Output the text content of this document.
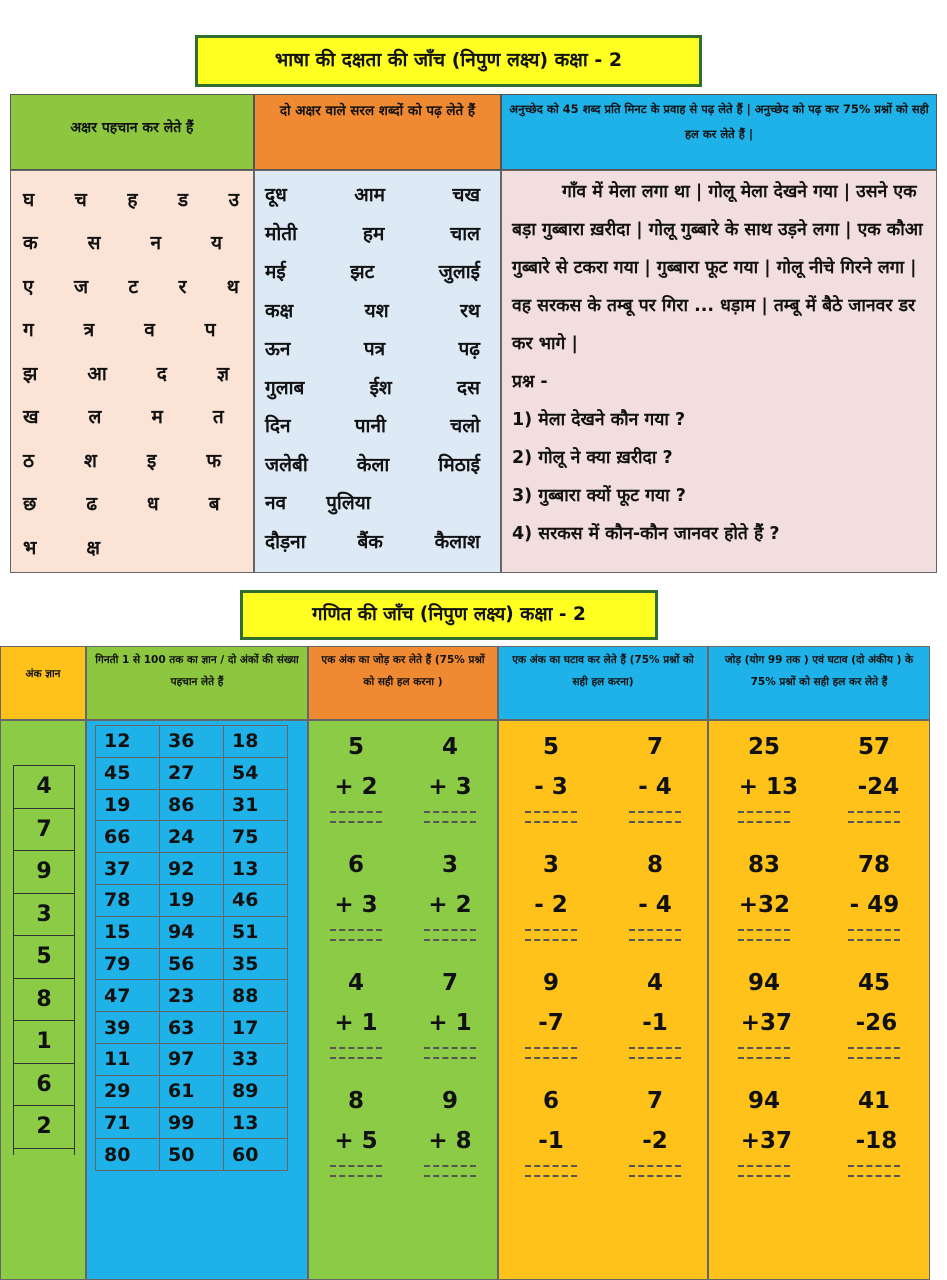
भाषा की दक्षता की जाँच (निपुण लक्ष्य) कक्षा - 2
अक्षर पहचान कर लेते हैं
दो अक्षर वाले सरल शब्दों को पढ़ लेते हैं	अनुच्छेद को 45 शब्द प्रति मिनट के प्रवाह से पढ़ लेते हैं | अनुच्छेद को पढ़ कर 75% प्रश्नों को सही हल कर लेते हैं |
घ च ह ड उ
क	स	न	य
ए ज ट र थ
ग	त्र	व	प
झ	आ	द	ज्ञ
ख	ल	म	त
ठ	श	इ	फ
छ	ढ	ध	ब
भ	क्ष
दूध	आम	चख
मोती	हम	चाल
मई	झट	जुलाई
कक्ष	यश	रथ
ऊन	पत्र	पढ़
गुलाब	ईश	दस
दिन	पानी	चलो
जलेबी	केला	मिठाई
नव पुलिया
दौड़ना	बैंक	कैलाश
गाँव में मेला लगा था | गोलू मेला देखने गया | उसने एक बड़ा गुब्बारा ख़रीदा | गोलू गुब्बारे के साथ उड़ने लगा | एक कौआ गुब्बारे से टकरा गया | गुब्बारा फूट गया | गोलू नीचे गिरने लगा | वह सरकस के तम्बू पर गिरा ... धड़ाम | तम्बू में बैठे जानवर डर कर भागे |
प्रश्न -
1) मेला देखने कौन गया ?
2) गोलू ने क्या ख़रीदा ?
3) गुब्बारा क्यों फूट गया ?
4) सरकस में कौन-कौन जानवर होते हैं ?
गणित की जाँच (निपुण लक्ष्य) कक्षा - 2
अंक ज्ञान
गिनती 1 से 100 तक का ज्ञान / दो अंकों की संख्या पहचान लेते हैं
एक अंक का जोड़ कर लेते हैं (75% प्रश्नों को सही हल करना )
एक अंक का घटाव कर लेते हैं (75% प्रश्नों को सही हल करना)
जोड़ (योग 99 तक ) एवं घटाव (दो अंकीय ) के 75% प्रश्नों को सही हल कर लेते हैं
4
7
9
3
5
8
1
6
2
12	36	18
45	27	54
19	86	31
66	24	75
37	92	13
78	19	46
15	94	51
79	56	35
47	23	88
39	63	17
11	97	33
29	61	89
71	99	13
80	50	60
5	4
+ 2 + 3
6	3
+ 3 + 2
4	7
+ 1 + 1
8	9
+ 5 + 8
5	7
- 3	- 4
3	8
- 2	- 4
9	4
-7	-1
6	7
-1	-2
25	57
+ 13	-24
83	78
+32	- 49
94	45
+37	-26
94	41
+37	-18
